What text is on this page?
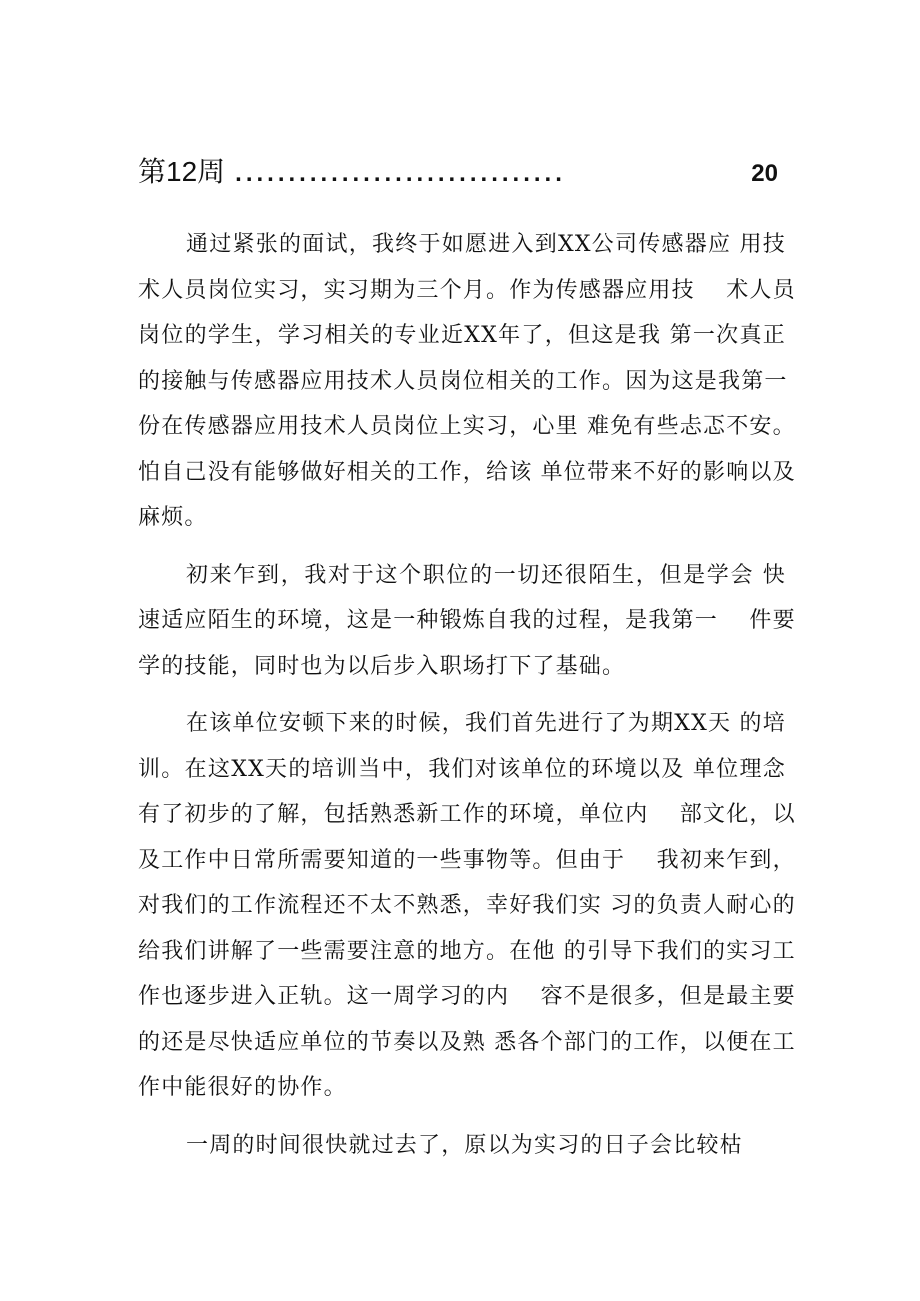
第12周 ...............................	20
通过紧张的面试，我终于如愿进入到XX公司传感器应 用技
术人员岗位实习，实习期为三个月。作为传感器应用技　 术人员
岗位的学生，学习相关的专业近XX年了，但这是我 第一次真正
的接触与传感器应用技术人员岗位相关的工作。因为这是我第一
份在传感器应用技术人员岗位上实习，心里 难免有些忐忑不安。
怕自己没有能够做好相关的工作，给该 单位带来不好的影响以及
麻烦。
初来乍到，我对于这个职位的一切还很陌生，但是学会 快
速适应陌生的环境，这是一种锻炼自我的过程，是我第一　 件要
学的技能，同时也为以后步入职场打下了基础。
在该单位安顿下来的时候，我们首先进行了为期XX天 的培
训。在这XX天的培训当中，我们对该单位的环境以及 单位理念
有了初步的了解，包括熟悉新工作的环境，单位内　 部文化，以
及工作中日常所需要知道的一些事物等。但由于　 我初来乍到，
对我们的工作流程还不太不熟悉，幸好我们实 习的负责人耐心的
给我们讲解了一些需要注意的地方。在他 的引导下我们的实习工
作也逐步进入正轨。这一周学习的内　 容不是很多，但是最主要
的还是尽快适应单位的节奏以及熟 悉各个部门的工作，以便在工
作中能很好的协作。
一周的时间很快就过去了，原以为实习的日子会比较枯
